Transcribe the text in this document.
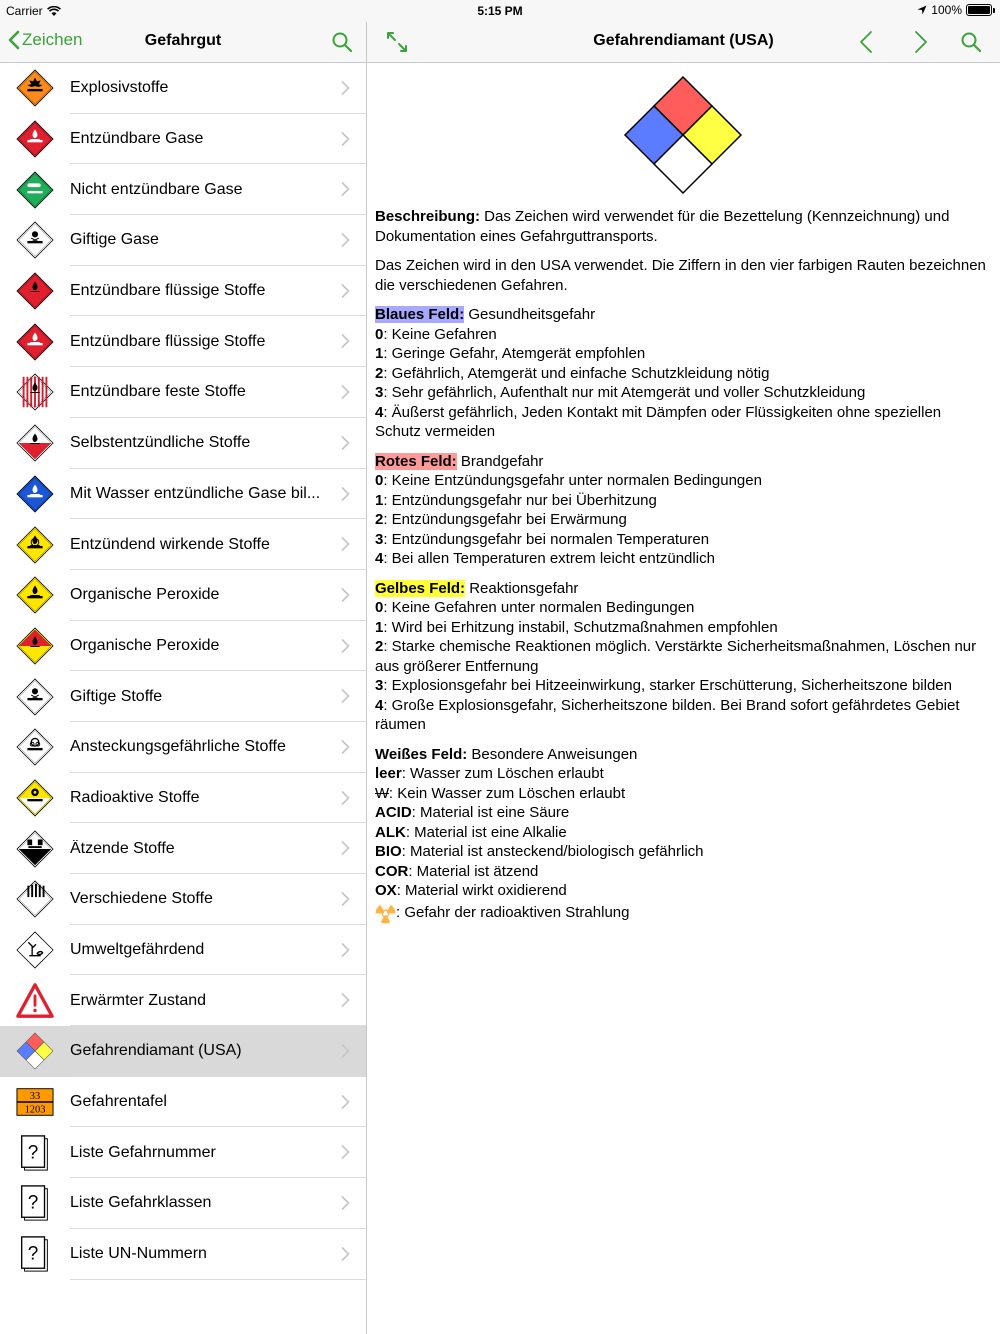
Carrier	5:15 PM	100%
Zeichen	Gefahrgut
Explosivstoffe
Entzündbare Gase
Nicht entzündbare Gase
Giftige Gase
Entzündbare flüssige Stoffe
Entzündbare flüssige Stoffe
Entzündbare feste Stoffe
Selbstentzündliche Stoffe
Mit Wasser entzündliche Gase bil...
Entzündend wirkende Stoffe
Organische Peroxide
Organische Peroxide
Giftige Stoffe
Ansteckungsgefährliche Stoffe
Radioaktive Stoffe
Ätzende Stoffe
Verschiedene Stoffe
Umweltgefährdend
Erwärmter Zustand
Gefahrendiamant (USA)
33
1203 Gefahrentafel
? Liste Gefahrnummer
? Liste Gefahrklassen
? Liste UN-Nummern
Gefahrendiamant (USA)

Beschreibung: Das Zeichen wird verwendet für die Bezettelung (Kennzeichnung) und Dokumentation eines Gefahrguttransports.

Das Zeichen wird in den USA verwendet. Die Ziffern in den vier farbigen Rauten bezeichnen die verschiedenen Gefahren.

Blaues Feld: Gesundheitsgefahr
0: Keine Gefahren
1: Geringe Gefahr, Atemgerät empfohlen
2: Gefährlich, Atemgerät und einfache Schutzkleidung nötig
3: Sehr gefährlich, Aufenthalt nur mit Atemgerät und voller Schutzkleidung
4: Äußerst gefährlich, Jeden Kontakt mit Dämpfen oder Flüssigkeiten ohne speziellen Schutz vermeiden
Rotes Feld: Brandgefahr
0: Keine Entzündungsgefahr unter normalen Bedingungen
1: Entzündungsgefahr nur bei Überhitzung
2: Entzündungsgefahr bei Erwärmung
3: Entzündungsgefahr bei normalen Temperaturen
4: Bei allen Temperaturen extrem leicht entzündlich
Gelbes Feld: Reaktionsgefahr
0: Keine Gefahren unter normalen Bedingungen
1: Wird bei Erhitzung instabil, Schutzmaßnahmen empfohlen
2: Starke chemische Reaktionen möglich. Verstärkte Sicherheitsmaßnahmen, Löschen nur aus größerer Entfernung
3: Explosionsgefahr bei Hitzeeinwirkung, starker Erschütterung, Sicherheitszone bilden
4: Große Explosionsgefahr, Sicherheitszone bilden. Bei Brand sofort gefährdetes Gebiet räumen
Weißes Feld: Besondere Anweisungen
leer: Wasser zum Löschen erlaubt
W: Kein Wasser zum Löschen erlaubt
ACID: Material ist eine Säure
ALK: Material ist eine Alkalie
BIO: Material ist ansteckend/biologisch gefährlich
COR: Material ist ätzend
OX: Material wirkt oxidierend
: Gefahr der radioaktiven Strahlung
